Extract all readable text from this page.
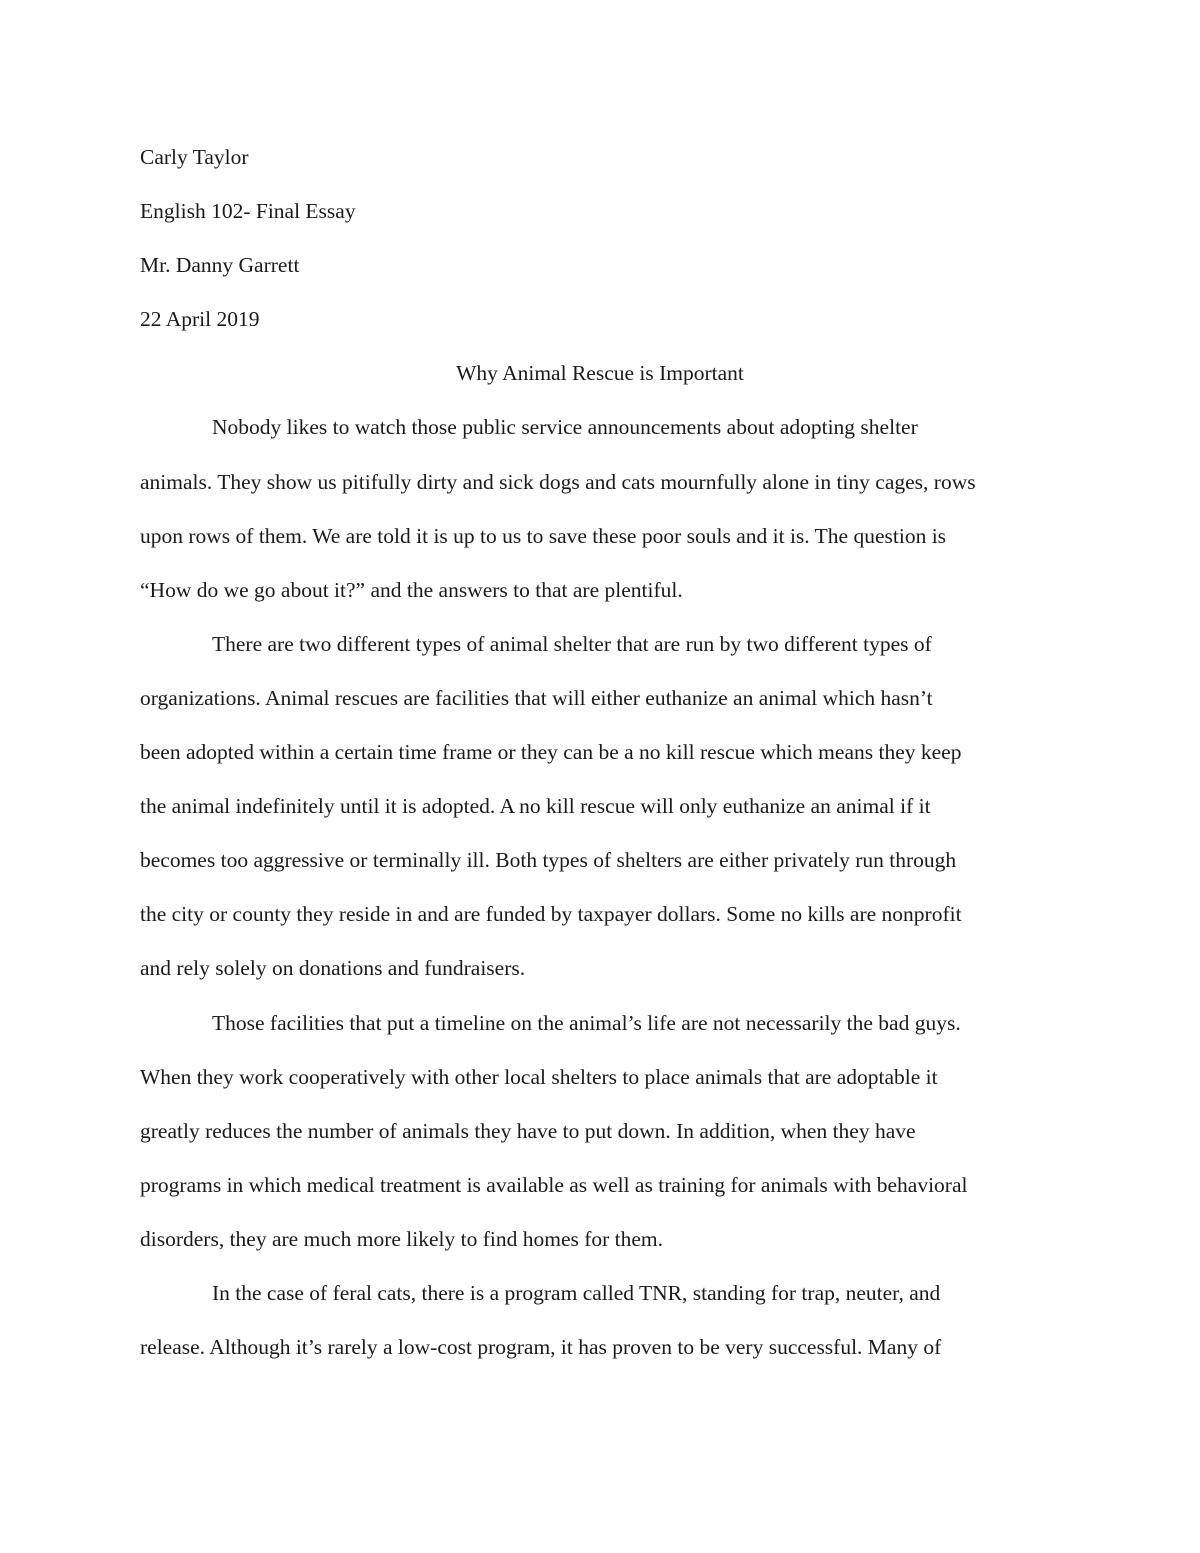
Carly Taylor

English 102- Final Essay

Mr. Danny Garrett

22 April 2019

Why Animal Rescue is Important

Nobody likes to watch those public service announcements about adopting shelter
animals. They show us pitifully dirty and sick dogs and cats mournfully alone in tiny cages, rows
upon rows of them. We are told it is up to us to save these poor souls and it is. The question is
“How do we go about it?” and the answers to that are plentiful.
There are two different types of animal shelter that are run by two different types of
organizations. Animal rescues are facilities that will either euthanize an animal which hasn’t
been adopted within a certain time frame or they can be a no kill rescue which means they keep
the animal indefinitely until it is adopted. A no kill rescue will only euthanize an animal if it
becomes too aggressive or terminally ill. Both types of shelters are either privately run through
the city or county they reside in and are funded by taxpayer dollars. Some no kills are nonprofit
and rely solely on donations and fundraisers.
Those facilities that put a timeline on the animal’s life are not necessarily the bad guys.
When they work cooperatively with other local shelters to place animals that are adoptable it
greatly reduces the number of animals they have to put down. In addition, when they have
programs in which medical treatment is available as well as training for animals with behavioral
disorders, they are much more likely to find homes for them.
In the case of feral cats, there is a program called TNR, standing for trap, neuter, and
release. Although it’s rarely a low-cost program, it has proven to be very successful. Many of
